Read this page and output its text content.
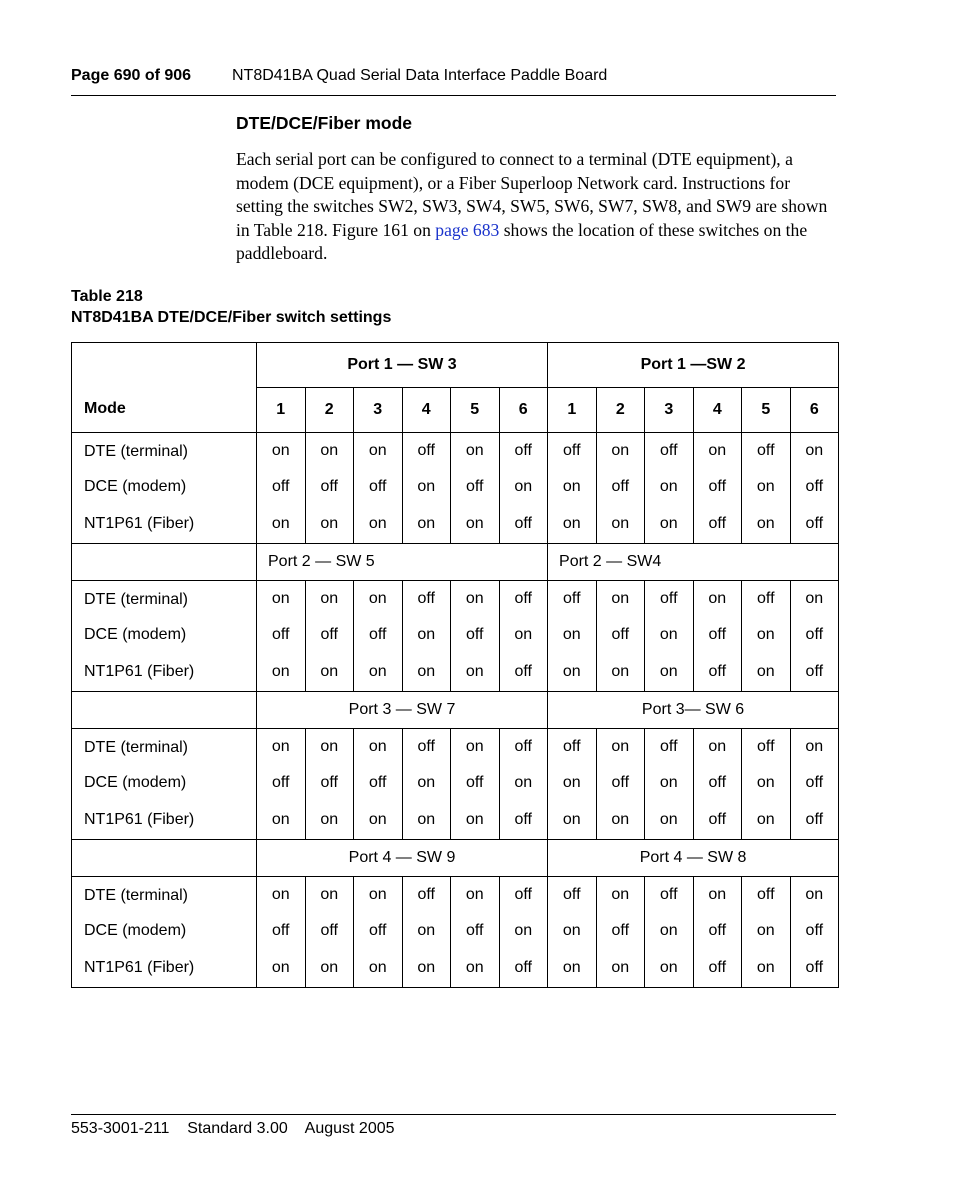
Page 690 of 906	NT8D41BA Quad Serial Data Interface Paddle Board
DTE/DCE/Fiber mode

Each serial port can be configured to connect to a terminal (DTE equipment), a modem (DCE equipment), or a Fiber Superloop Network card. Instructions for setting the switches SW2, SW3, SW4, SW5, SW6, SW7, SW8, and SW9 are shown in Table 218. Figure 161 on page 683 shows the location of these switches on the paddleboard.

Table 218
NT8D41BA DTE/DCE/Fiber switch settings
Mode	Port 1 — SW 3						Port 1 —SW 2					
	1	2	3	4	5	6	1	2	3	4	5	6
DTE (terminal)	on	on	on	off	on	off	off	on	off	on	off	on
DCE (modem)	off	off	off	on	off	on	on	off	on	off	on	off
NT1P61 (Fiber)	on	on	on	on	on	off	on	on	on	off	on	off
	Port 2 — SW 5						Port 2 — SW4					
DTE (terminal)	on	on	on	off	on	off	off	on	off	on	off	on
DCE (modem)	off	off	off	on	off	on	on	off	on	off	on	off
NT1P61 (Fiber)	on	on	on	on	on	off	on	on	on	off	on	off
	Port 3 — SW 7						Port 3— SW 6					
DTE (terminal)	on	on	on	off	on	off	off	on	off	on	off	on
DCE (modem)	off	off	off	on	off	on	on	off	on	off	on	off
NT1P61 (Fiber)	on	on	on	on	on	off	on	on	on	off	on	off
	Port 4 — SW 9						Port 4 — SW 8					
DTE (terminal)	on	on	on	off	on	off	off	on	off	on	off	on
DCE (modem)	off	off	off	on	off	on	on	off	on	off	on	off
NT1P61 (Fiber)	on	on	on	on	on	off	on	on	on	off	on	off
553-3001-211 Standard 3.00 August 2005
